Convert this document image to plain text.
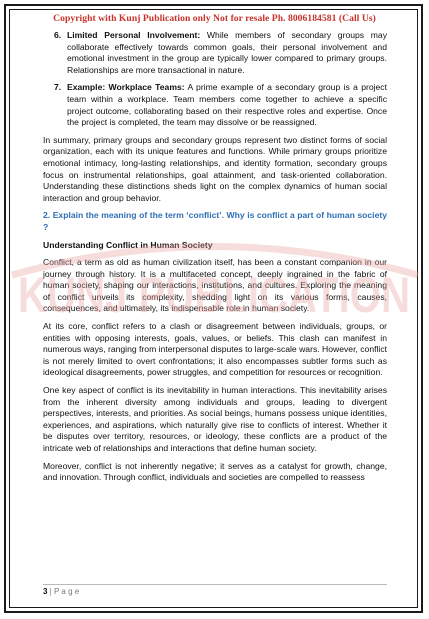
Copyright with Kunj Publication only Not for resale Ph. 8006184581 (Call Us)
6. Limited Personal Involvement: While members of secondary groups may collaborate effectively towards common goals, their personal involvement and emotional investment in the group are typically lower compared to primary groups. Relationships are more transactional in nature.
7. Example: Workplace Teams: A prime example of a secondary group is a project team within a workplace. Team members come together to achieve a specific project outcome, collaborating based on their respective roles and expertise. Once the project is completed, the team may dissolve or be reassigned.

In summary, primary groups and secondary groups represent two distinct forms of social organization, each with its unique features and functions. While primary groups prioritize emotional intimacy, long-lasting relationships, and identity formation, secondary groups focus on instrumental relationships, goal attainment, and task-oriented collaboration. Understanding these distinctions sheds light on the complex dynamics of human social interaction and group behavior.

2. Explain the meaning of the term ‘conflict’. Why is conflict a part of human society ?

Understanding Conflict in Human Society

Conflict, a term as old as human civilization itself, has been a constant companion in our journey through history. It is a multifaceted concept, deeply ingrained in the fabric of human society, shaping our interactions, institutions, and cultures. Exploring the meaning of conflict unveils its complexity, shedding light on its various forms, causes, consequences, and ultimately, its indispensable role in human society.

At its core, conflict refers to a clash or disagreement between individuals, groups, or entities with opposing interests, goals, values, or beliefs. This clash can manifest in numerous ways, ranging from interpersonal disputes to large-scale wars. However, conflict is not merely limited to overt confrontations; it also encompasses subtler forms such as ideological disagreements, power struggles, and competition for resources or recognition.

One key aspect of conflict is its inevitability in human interactions. This inevitability arises from the inherent diversity among individuals and groups, leading to divergent perspectives, interests, and priorities. As social beings, humans possess unique identities, experiences, and aspirations, which naturally give rise to conflicts of interest. Whether it be disputes over territory, resources, or ideology, these conflicts are a product of the intricate web of relationships and interactions that define human society.

Moreover, conflict is not inherently negative; it serves as a catalyst for growth, change, and innovation. Through conflict, individuals and societies are compelled to reassess

KUNJ PUBLICATION
3 | P a g e
